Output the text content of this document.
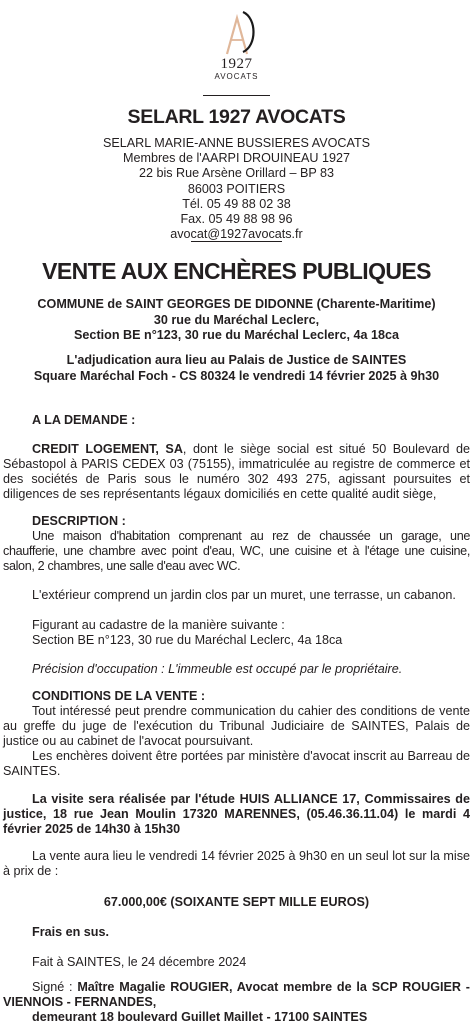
1927
AVOCATS
SELARL 1927 AVOCATS
SELARL MARIE-ANNE BUSSIERES AVOCATS
Membres de l'AARPI DROUINEAU 1927
22 bis Rue Arsène Orillard – BP 83
86003 POITIERS
Tél. 05 49 88 02 38
Fax. 05 49 88 98 96
avocat@1927avocats.fr
VENTE AUX ENCHÈRES PUBLIQUES
COMMUNE de SAINT GEORGES DE DIDONNE (Charente-Maritime)
30 rue du Maréchal Leclerc,
Section BE n°123, 30 rue du Maréchal Leclerc, 4a 18ca
L'adjudication aura lieu au Palais de Justice de SAINTES
Square Maréchal Foch - CS 80324 le vendredi 14 février 2025 à 9h30
A LA DEMANDE :
CREDIT LOGEMENT, SA, dont le siège social est situé 50 Boulevard de Sébastopol à PARIS CEDEX 03 (75155), immatriculée au registre de commerce et des sociétés de Paris sous le numéro 302 493 275, agissant poursuites et diligences de ses représentants légaux domiciliés en cette qualité audit siège,
DESCRIPTION :
Une maison d'habitation comprenant au rez de chaussée un garage, une chaufferie, une chambre avec point d'eau, WC, une cuisine et à l'étage une cuisine, salon, 2 chambres, une salle d'eau avec WC.
L'extérieur comprend un jardin clos par un muret, une terrasse, un cabanon.
Figurant au cadastre de la manière suivante :
Section BE n°123, 30 rue du Maréchal Leclerc, 4a 18ca
Précision d'occupation : L'immeuble est occupé par le propriétaire.
CONDITIONS DE LA VENTE :
Tout intéressé peut prendre communication du cahier des conditions de vente au greffe du juge de l'exécution du Tribunal Judiciaire de SAINTES, Palais de justice ou au cabinet de l'avocat poursuivant.
Les enchères doivent être portées par ministère d'avocat inscrit au Barreau de SAINTES.
La visite sera réalisée par l'étude HUIS ALLIANCE 17, Commissaires de justice, 18 rue Jean Moulin 17320 MARENNES, (05.46.36.11.04) le mardi 4 février 2025 de 14h30 à 15h30
La vente aura lieu le vendredi 14 février 2025 à 9h30 en un seul lot sur la mise à prix de :
67.000,00€ (SOIXANTE SEPT MILLE EUROS)
Frais en sus.
Fait à SAINTES, le 24 décembre 2024
Signé : Maître Magalie ROUGIER, Avocat membre de la SCP ROUGIER - VIENNOIS - FERNANDES,
demeurant 18 boulevard Guillet Maillet - 17100 SAINTES
